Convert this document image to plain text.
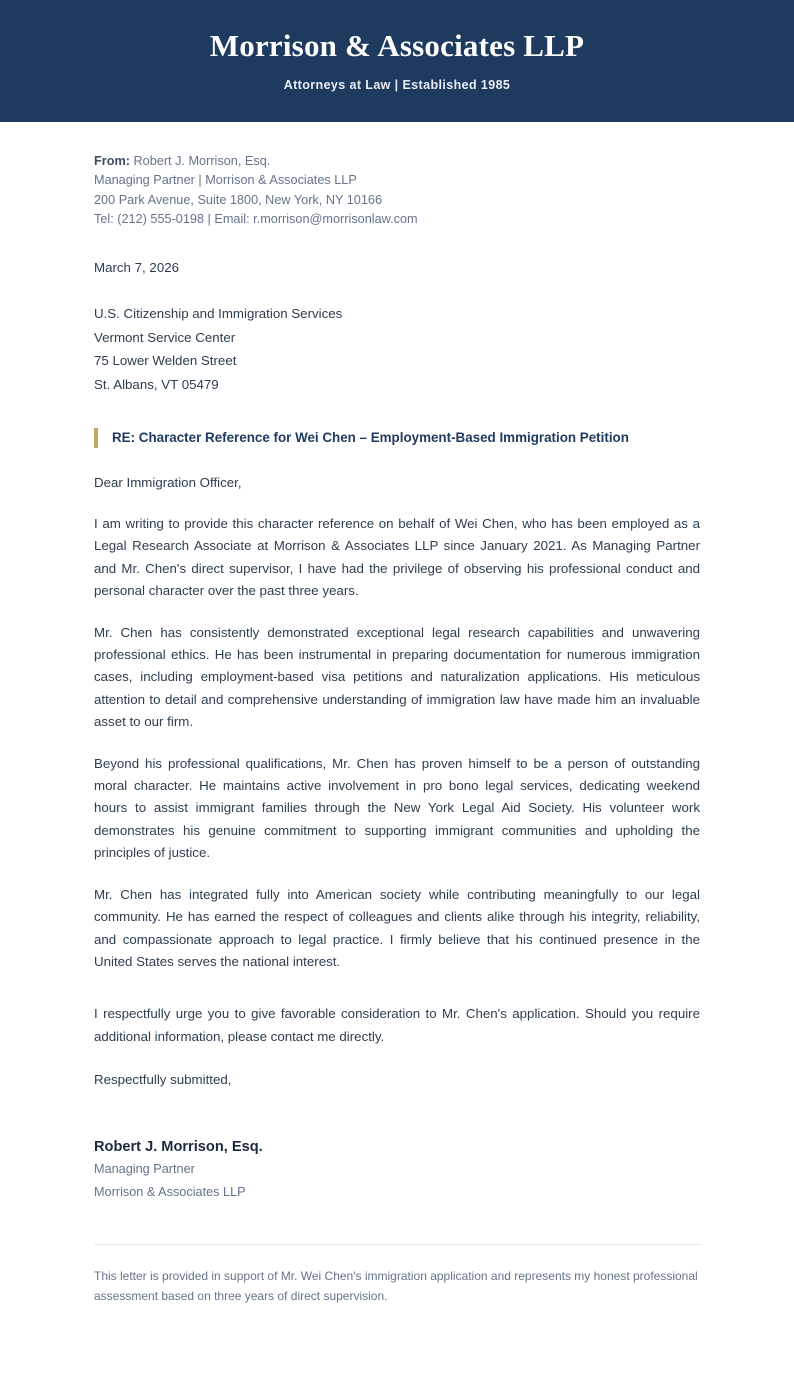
Morrison & Associates LLP

Attorneys at Law | Established 1985

From: Robert J. Morrison, Esq.
Managing Partner | Morrison & Associates LLP
200 Park Avenue, Suite 1800, New York, NY 10166
Tel: (212) 555-0198 | Email: r.morrison@morrisonlaw.com
March 7, 2026
U.S. Citizenship and Immigration Services
Vermont Service Center
75 Lower Welden Street
St. Albans, VT 05479
RE: Character Reference for Wei Chen – Employment-Based Immigration Petition

Dear Immigration Officer,

I am writing to provide this character reference on behalf of Wei Chen, who has been employed as a Legal Research Associate at Morrison & Associates LLP since January 2021. As Managing Partner and Mr. Chen's direct supervisor, I have had the privilege of observing his professional conduct and personal character over the past three years.

Mr. Chen has consistently demonstrated exceptional legal research capabilities and unwavering professional ethics. He has been instrumental in preparing documentation for numerous immigration cases, including employment-based visa petitions and naturalization applications. His meticulous attention to detail and comprehensive understanding of immigration law have made him an invaluable asset to our firm.

Beyond his professional qualifications, Mr. Chen has proven himself to be a person of outstanding moral character. He maintains active involvement in pro bono legal services, dedicating weekend hours to assist immigrant families through the New York Legal Aid Society. His volunteer work demonstrates his genuine commitment to supporting immigrant communities and upholding the principles of justice.

Mr. Chen has integrated fully into American society while contributing meaningfully to our legal community. He has earned the respect of colleagues and clients alike through his integrity, reliability, and compassionate approach to legal practice. I firmly believe that his continued presence in the United States serves the national interest.

I respectfully urge you to give favorable consideration to Mr. Chen's application. Should you require additional information, please contact me directly.

Respectfully submitted,

Robert J. Morrison, Esq.
Managing Partner
Morrison & Associates LLP

This letter is provided in support of Mr. Wei Chen's immigration application and represents my honest professional assessment based on three years of direct supervision.
